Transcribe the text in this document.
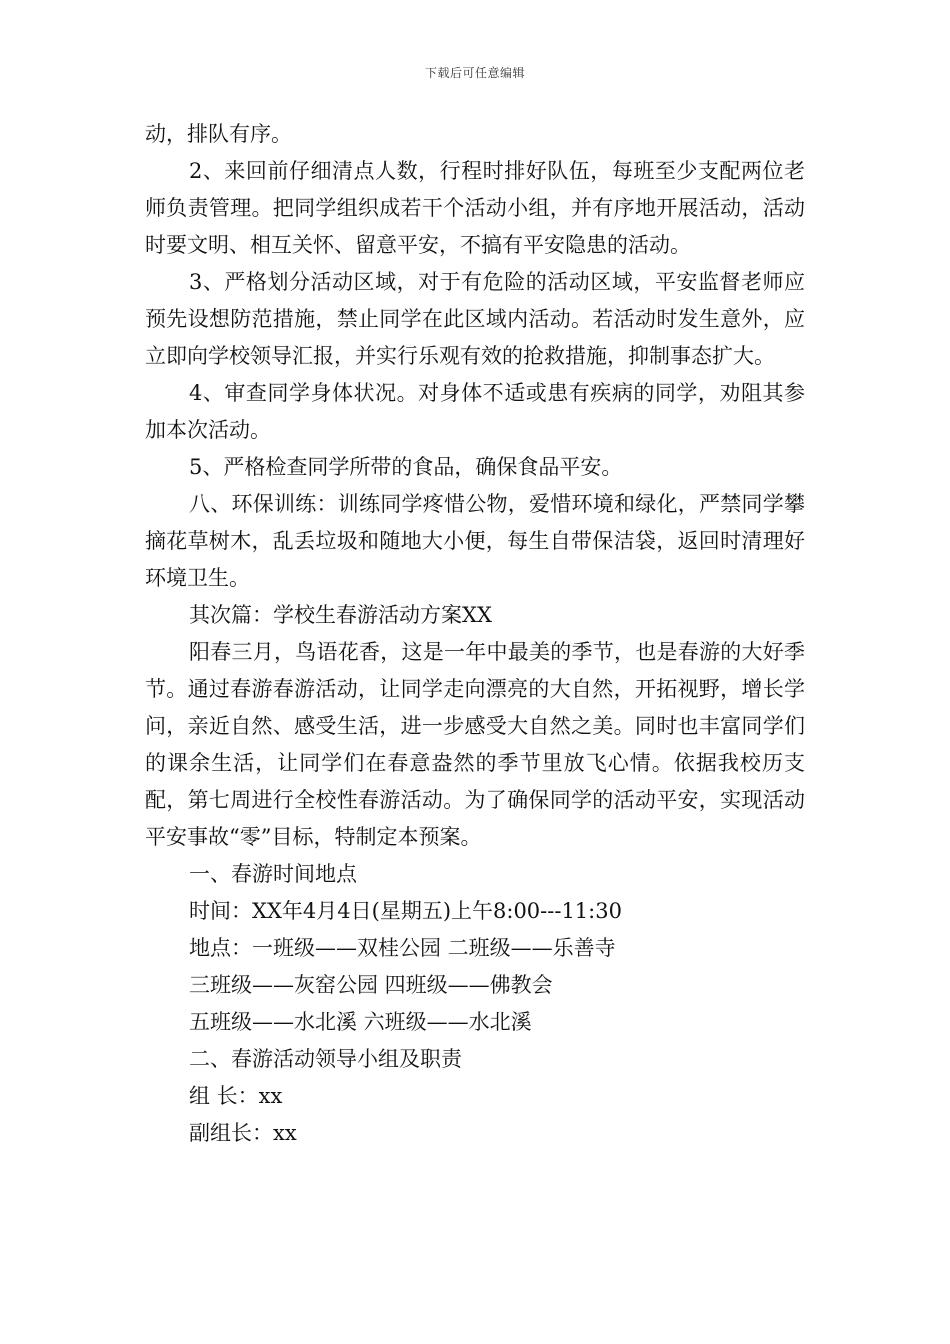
下载后可任意编辑

动，排队有序。

2、来回前仔细清点人数，行程时排好队伍，每班至少支配两位老师负责管理。把同学组织成若干个活动小组，并有序地开展活动，活动时要文明、相互关怀、留意平安，不搞有平安隐患的活动。

3、严格划分活动区域，对于有危险的活动区域，平安监督老师应预先设想防范措施，禁止同学在此区域内活动。若活动时发生意外，应立即向学校领导汇报，并实行乐观有效的抢救措施，抑制事态扩大。

4、审查同学身体状况。对身体不适或患有疾病的同学，劝阻其参加本次活动。

5、严格检查同学所带的食品，确保食品平安。

八、环保训练：训练同学疼惜公物，爱惜环境和绿化，严禁同学攀摘花草树木，乱丢垃圾和随地大小便，每生自带保洁袋，返回时清理好环境卫生。

其次篇：学校生春游活动方案XX

阳春三月，鸟语花香，这是一年中最美的季节，也是春游的大好季节。通过春游春游活动，让同学走向漂亮的大自然，开拓视野，增长学问，亲近自然、感受生活，进一步感受大自然之美。同时也丰富同学们的课余生活，让同学们在春意盎然的季节里放飞心情。依据我校历支配，第七周进行全校性春游活动。为了确保同学的活动平安，实现活动平安事故“零”目标，特制定本预案。

一、春游时间地点

时间：XX年4月4日(星期五)上午8:00---11:30

地点：一班级——双桂公园 二班级——乐善寺

三班级——灰窑公园 四班级——佛教会

五班级——水北溪 六班级——水北溪

二、春游活动领导小组及职责

组 长：xx

副组长：xx
